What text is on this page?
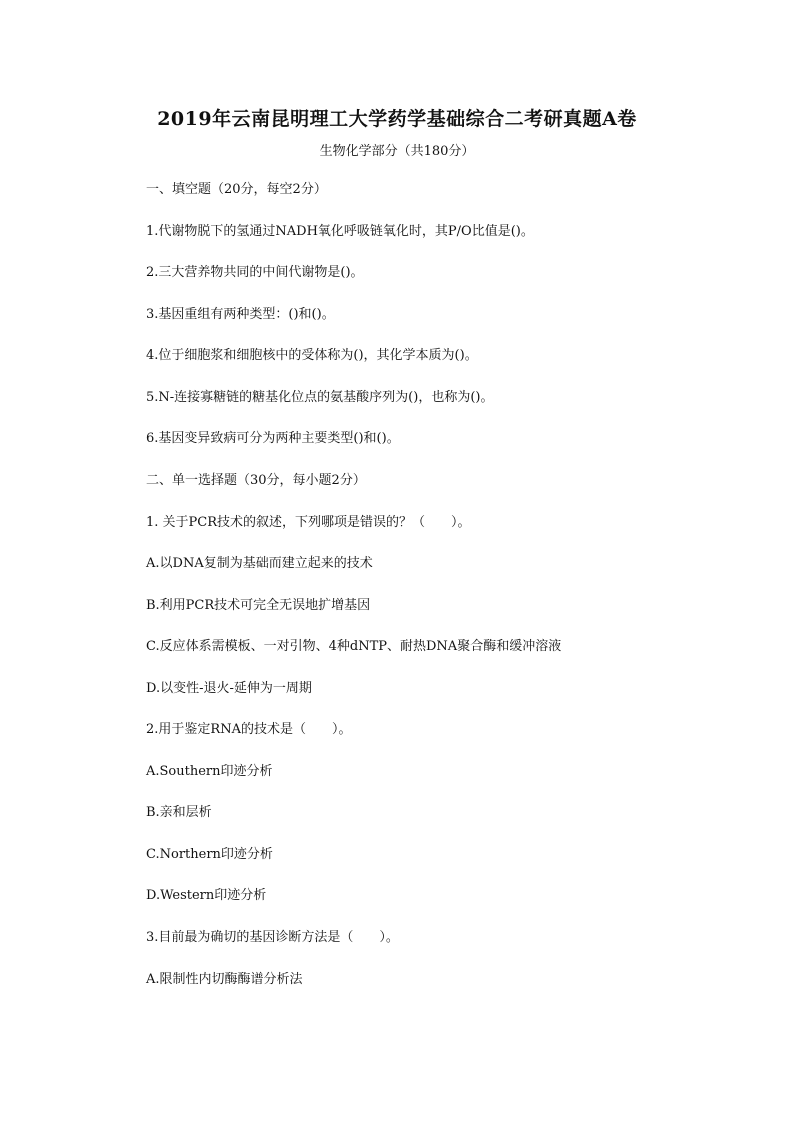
2019年云南昆明理工大学药学基础综合二考研真题A卷
生物化学部分（共180分）
一、填空题（20分，每空2分）
1.代谢物脱下的氢通过NADH氧化呼吸链氧化时，其P/O比值是()。
2.三大营养物共同的中间代谢物是()。
3.基因重组有两种类型：()和()。
4.位于细胞浆和细胞核中的受体称为()，其化学本质为()。
5.N-连接寡糖链的糖基化位点的氨基酸序列为()，也称为()。
6.基因变异致病可分为两种主要类型()和()。
二、单一选择题（30分，每小题2分）
1. 关于PCR技术的叙述，下列哪项是错误的？（　　）。
A.以DNA复制为基础而建立起来的技术
B.利用PCR技术可完全无误地扩增基因
C.反应体系需模板、一对引物、4种dNTP、耐热DNA聚合酶和缓冲溶液
D.以变性-退火-延伸为一周期
2.用于鉴定RNA的技术是（　　）。
A.Southern印迹分析
B.亲和层析
C.Northern印迹分析
D.Western印迹分析
3.目前最为确切的基因诊断方法是（　　）。
A.限制性内切酶酶谱分析法
